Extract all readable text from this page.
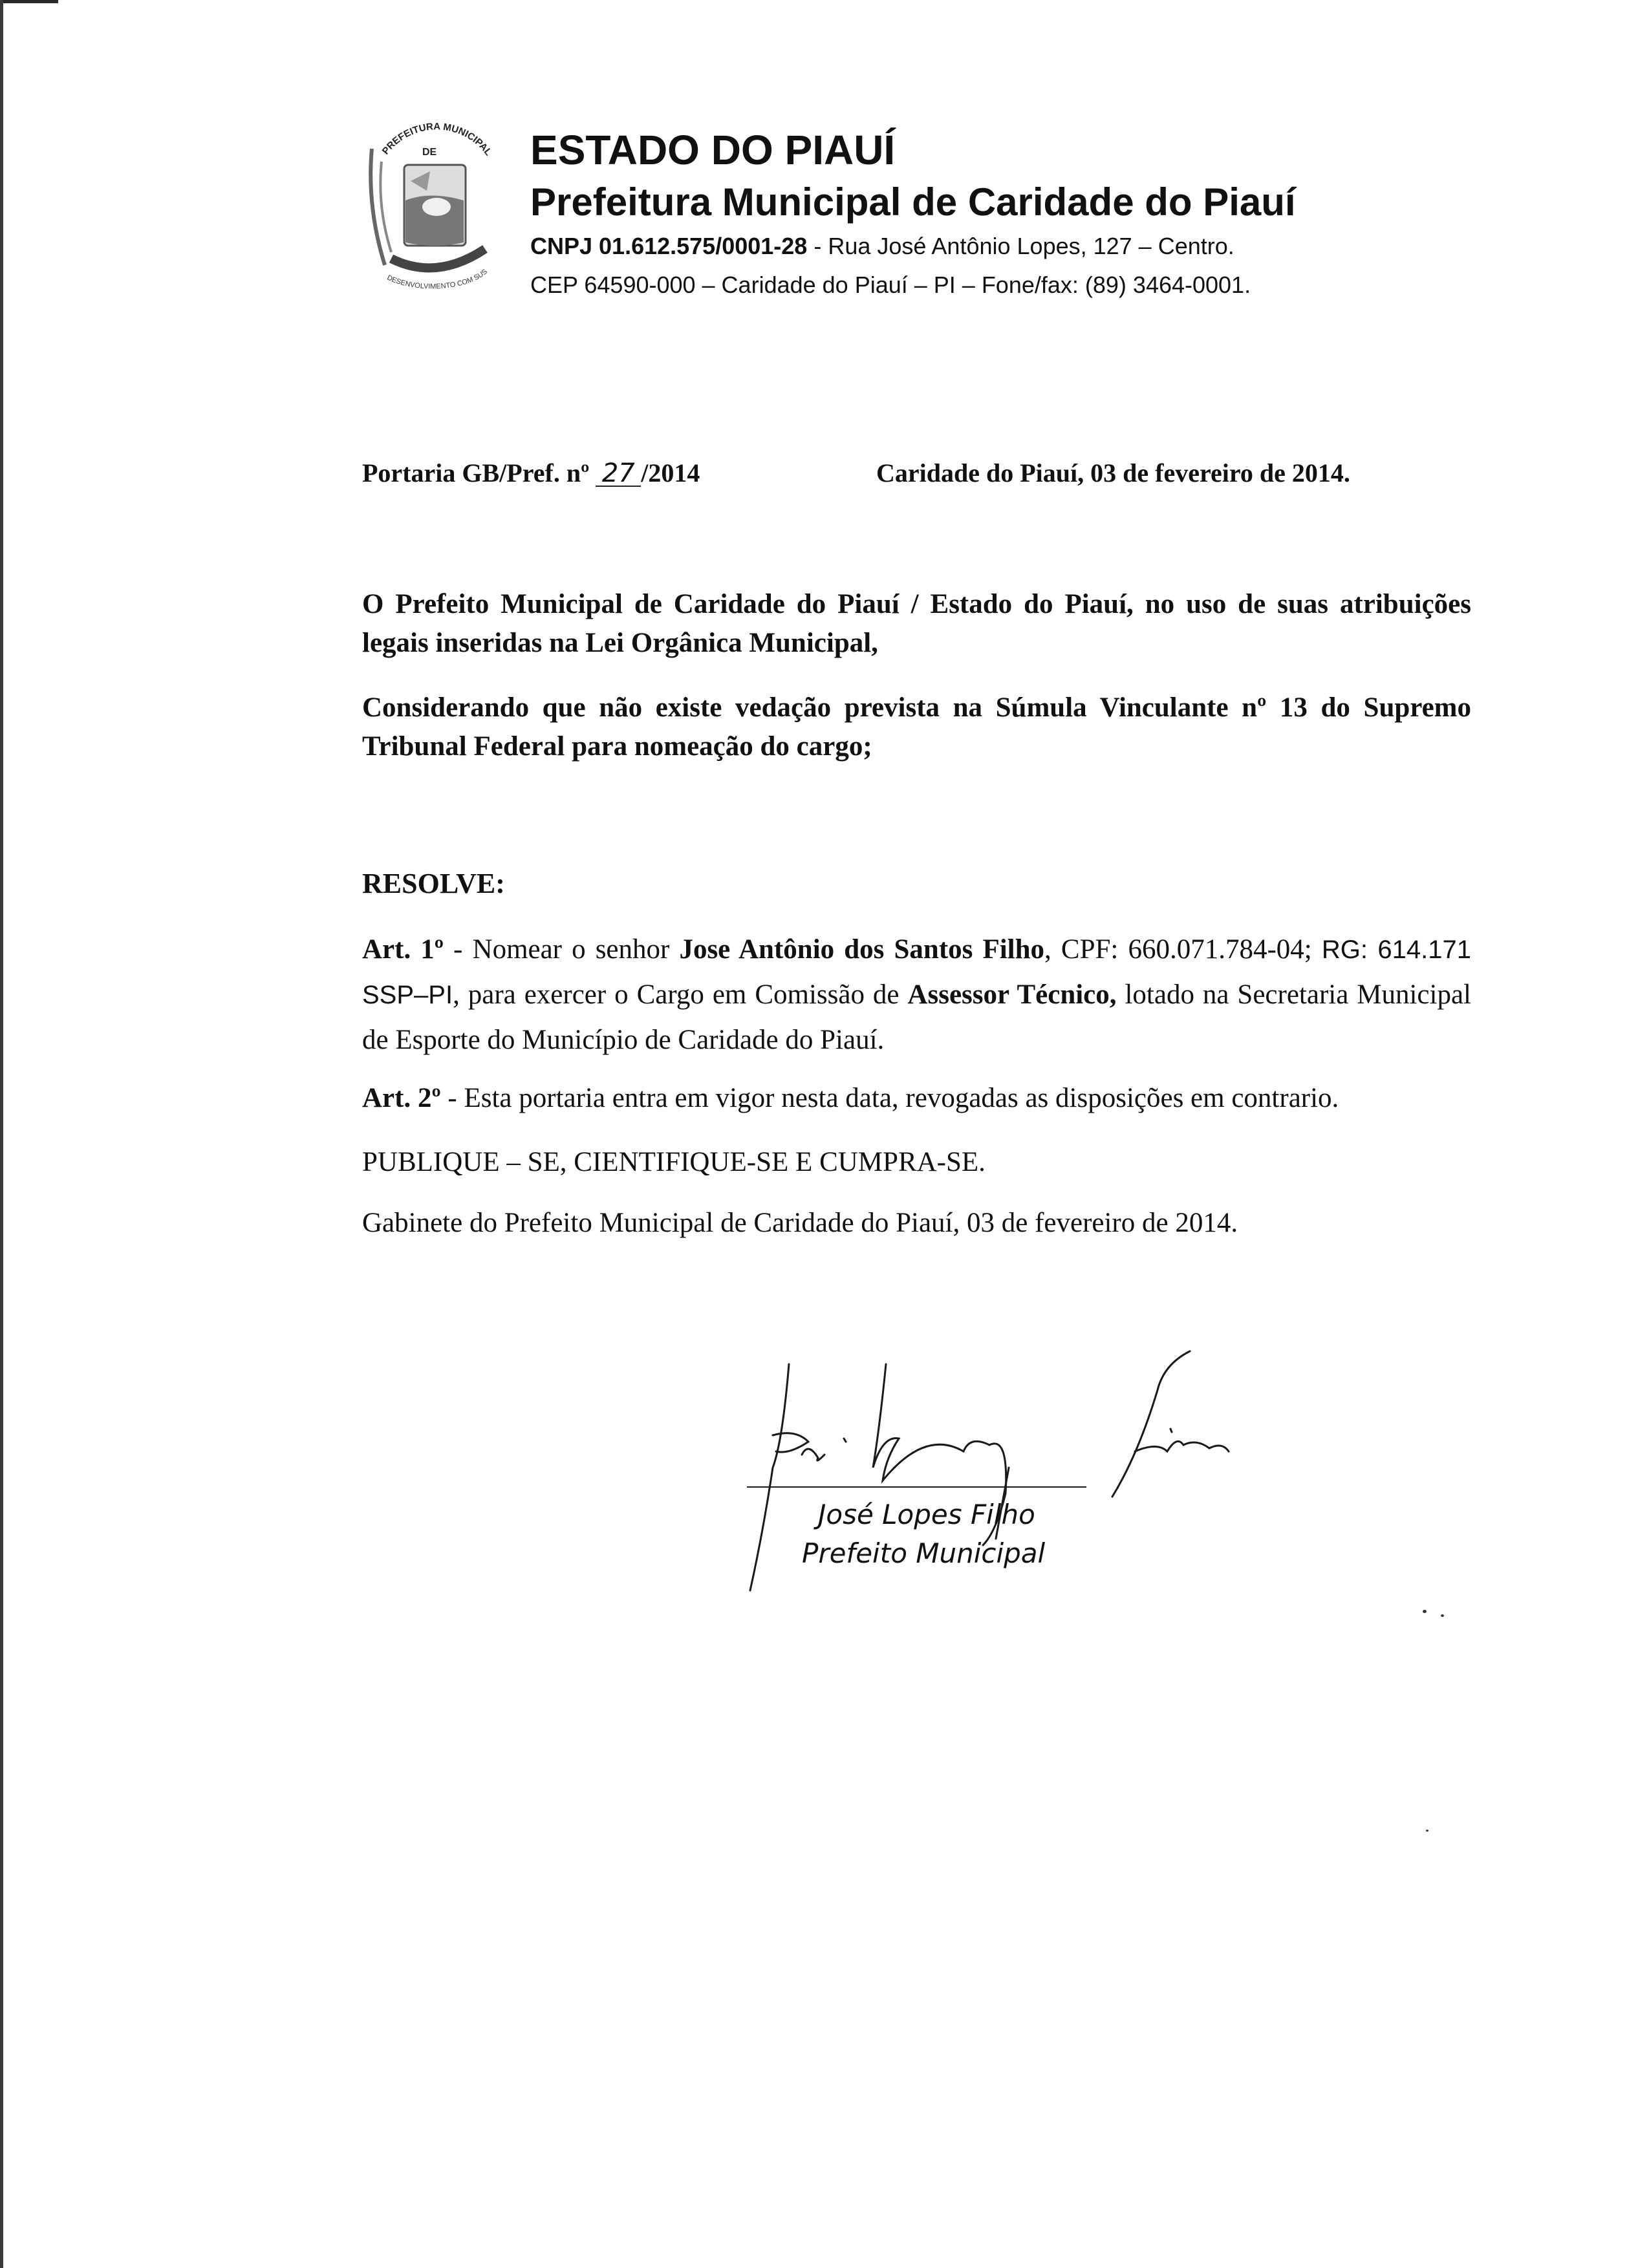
PREFEITURA MUNICIPAL
DE
DESENVOLVIMENTO COM SUS
ESTADO DO PIAUÍ
Prefeitura Municipal de Caridade do Piauí
CNPJ 01.612.575/0001-28 - Rua José Antônio Lopes, 127 – Centro.
CEP 64590-000 – Caridade do Piauí – PI – Fone/fax: (89) 3464-0001.
Portaria GB/Pref. nº 27 /2014	Caridade do Piauí, 03 de fevereiro de 2014.
O Prefeito Municipal de Caridade do Piauí / Estado do Piauí, no uso de suas atribuições legais inseridas na Lei Orgânica Municipal,
Considerando que não existe vedação prevista na Súmula Vinculante nº 13 do Supremo Tribunal Federal para nomeação do cargo;
RESOLVE:
Art. 1º - Nomear o senhor Jose Antônio dos Santos Filho, CPF: 660.071.784-04; RG: 614.171 SSP–PI, para exercer o Cargo em Comissão de Assessor Técnico, lotado na Secretaria Municipal de Esporte do Município de Caridade do Piauí.
Art. 2º - Esta portaria entra em vigor nesta data, revogadas as disposições em contrario.
PUBLIQUE – SE, CIENTIFIQUE-SE E CUMPRA-SE.
Gabinete do Prefeito Municipal de Caridade do Piauí, 03 de fevereiro de 2014.
José Lopes Filho
Prefeito Municipal
